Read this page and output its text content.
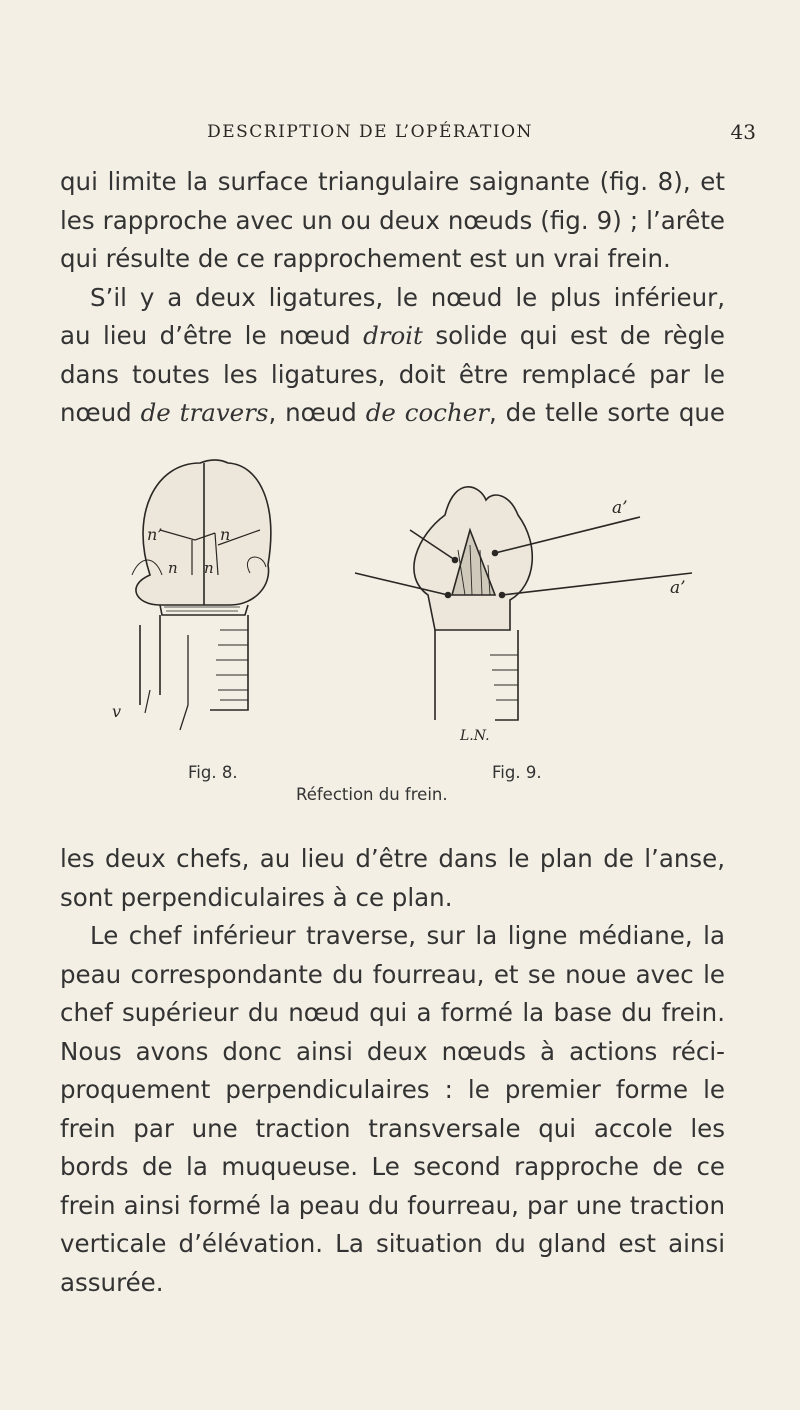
DESCRIPTION DE L’OPÉRATION	43
qui limite la surface triangulaire saignante (fig. 8), et
les rapproche avec un ou deux nœuds (fig. 9) ; l’arête
qui résulte de ce rapprochement est un vrai frein.
S’il y a deux ligatures, le nœud le plus inférieur,
au lieu d’être le nœud droit solide qui est de règle
dans toutes les ligatures, doit être remplacé par le
nœud de travers, nœud de cocher, de telle sorte que
n’	n
n n
v
a’
a’
L.N.
Fig. 8.	Fig. 9.
Réfection du frein.
les deux chefs, au lieu d’être dans le plan de l’anse,
sont perpendiculaires à ce plan.
Le chef inférieur traverse, sur la ligne médiane, la
peau correspondante du fourreau, et se noue avec le
chef supérieur du nœud qui a formé la base du frein.
Nous avons donc ainsi deux nœuds à actions réci-
proquement perpendiculaires : le premier forme le
frein par une traction transversale qui accole les
bords de la muqueuse. Le second rapproche de ce
frein ainsi formé la peau du fourreau, par une traction
verticale d’élévation. La situation du gland est ainsi
assurée.
